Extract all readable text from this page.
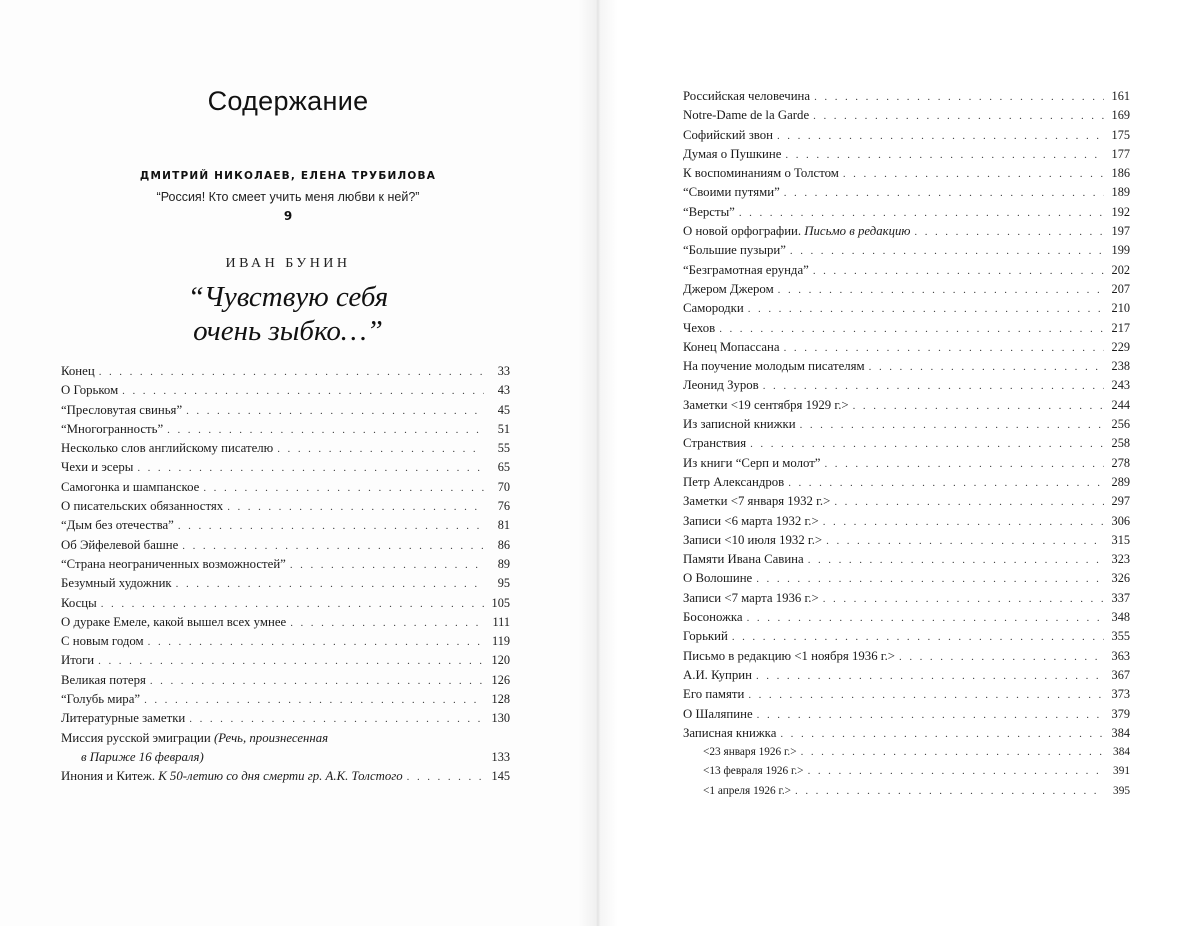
Содержание
ДМИТРИЙ НИКОЛАЕВ, ЕЛЕНА ТРУБИЛОВА
“Россия! Кто смеет учить меня любви к ней?”
9
ИВАН БУНИН
“Чувствую себя
очень зыбко…”
Конец . . .	33
О Горьком . . .	43
“Пресловутая свинья” . . .	45
“Многогранность” . . .	51
Несколько слов английскому писателю . . .	55
Чехи и эсеры . . .	65
Самогонка и шампанское . . .	70
О писательских обязанностях . . .	76
“Дым без отечества” . . .	81
Об Эйфелевой башне . . .	86
“Страна неограниченных возможностей” . . .	89
Безумный художник . . .	95
Косцы . . .	105
О дураке Емеле, какой вышел всех умнее . . .	111
С новым годом . . .	119
Итоги . . .	120
Великая потеря . . .	126
“Голубь мира” . . .	128
Литературные заметки . . .	130
Миссия русской эмиграции (Речь, произнесенная
в Париже 16 февраля)	133
Инония и Китеж. К 50-летию со дня смерти гр. А.К. Толстого . . .	145
Российская человечина . . .	161
Notre-Dame de la Garde . . .	169
Софийский звон . . .	175
Думая о Пушкине . . .	177
К воспоминаниям о Толстом . . .	186
“Своими путями” . . .	189
“Версты” . . .	192
О новой орфографии. Письмо в редакцию . . .	197
“Большие пузыри” . . .	199
“Безграмотная ерунда” . . .	202
Джером Джером . . .	207
Самородки . . .	210
Чехов . . .	217
Конец Мопассана . . .	229
На поучение молодым писателям . . .	238
Леонид Зуров . . .	243
Заметки <19 сентября 1929 г.> . . .	244
Из записной книжки . . .	256
Странствия . . .	258
Из книги “Серп и молот” . . .	278
Петр Александров . . .	289
Заметки <7 января 1932 г.> . . .	297
Записи <6 марта 1932 г.> . . .	306
Записи <10 июля 1932 г.> . . .	315
Памяти Ивана Савина . . .	323
О Волошине . . .	326
Записи <7 марта 1936 г.> . . .	337
Босоножка . . .	348
Горький . . .	355
Письмо в редакцию <1 ноября 1936 г.> . . .	363
А.И. Куприн . . .	367
Его памяти . . .	373
О Шаляпине . . .	379
Записная книжка . . .	384
<23 января 1926 г.> . . .	384
<13 февраля 1926 г.> . . .	391
<1 апреля 1926 г.> . . .	395
